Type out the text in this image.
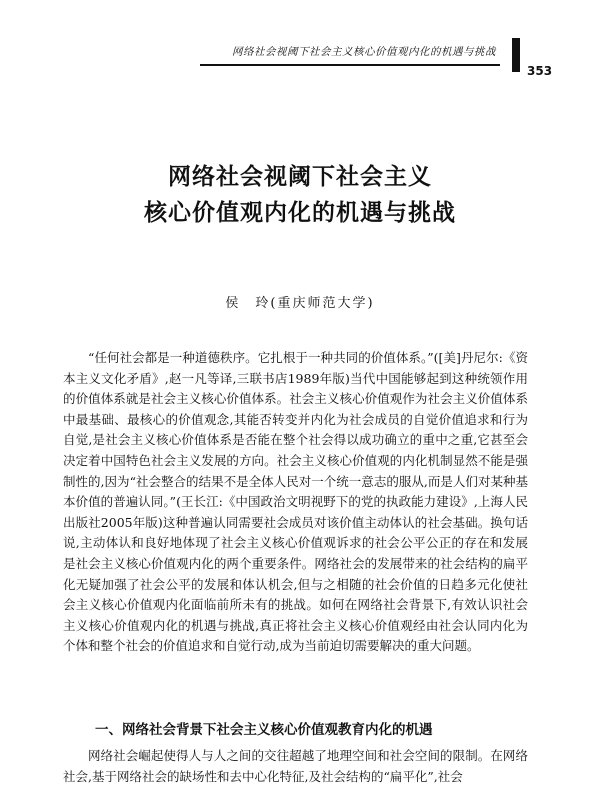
网络社会视阈下社会主义核心价值观内化的机遇与挑战
353
网络社会视阈下社会主义
核心价值观内化的机遇与挑战
侯　玲(重庆师范大学)

“任何社会都是一种道德秩序。它扎根于一种共同的价值体系。”([美]丹尼尔:《资本主义文化矛盾》,赵一凡等译,三联书店1989年版)当代中国能够起到这种统领作用的价值体系就是社会主义核心价值体系。社会主义核心价值观作为社会主义价值体系中最基础、最核心的价值观念,其能否转变并内化为社会成员的自觉价值追求和行为自觉,是社会主义核心价值体系是否能在整个社会得以成功确立的重中之重,它甚至会决定着中国特色社会主义发展的方向。社会主义核心价值观的内化机制显然不能是强制性的,因为“社会整合的结果不是全体人民对一个统一意志的服从,而是人们对某种基本价值的普遍认同。”(王长江:《中国政治文明视野下的党的执政能力建设》,上海人民出版社2005年版)这种普遍认同需要社会成员对该价值主动体认的社会基础。换句话说,主动体认和良好地体现了社会主义核心价值观诉求的社会公平公正的存在和发展是社会主义核心价值观内化的两个重要条件。网络社会的发展带来的社会结构的扁平化无疑加强了社会公平的发展和体认机会,但与之相随的社会价值的日趋多元化使社会主义核心价值观内化面临前所未有的挑战。如何在网络社会背景下,有效认识社会主义核心价值观内化的机遇与挑战,真正将社会主义核心价值观经由社会认同内化为个体和整个社会的价值追求和自觉行动,成为当前迫切需要解决的重大问题。

一、网络社会背景下社会主义核心价值观教育内化的机遇

网络社会崛起使得人与人之间的交往超越了地理空间和社会空间的限制。在网络社会,基于网络社会的缺场性和去中心化特征,及社会结构的“扁平化”,社会
